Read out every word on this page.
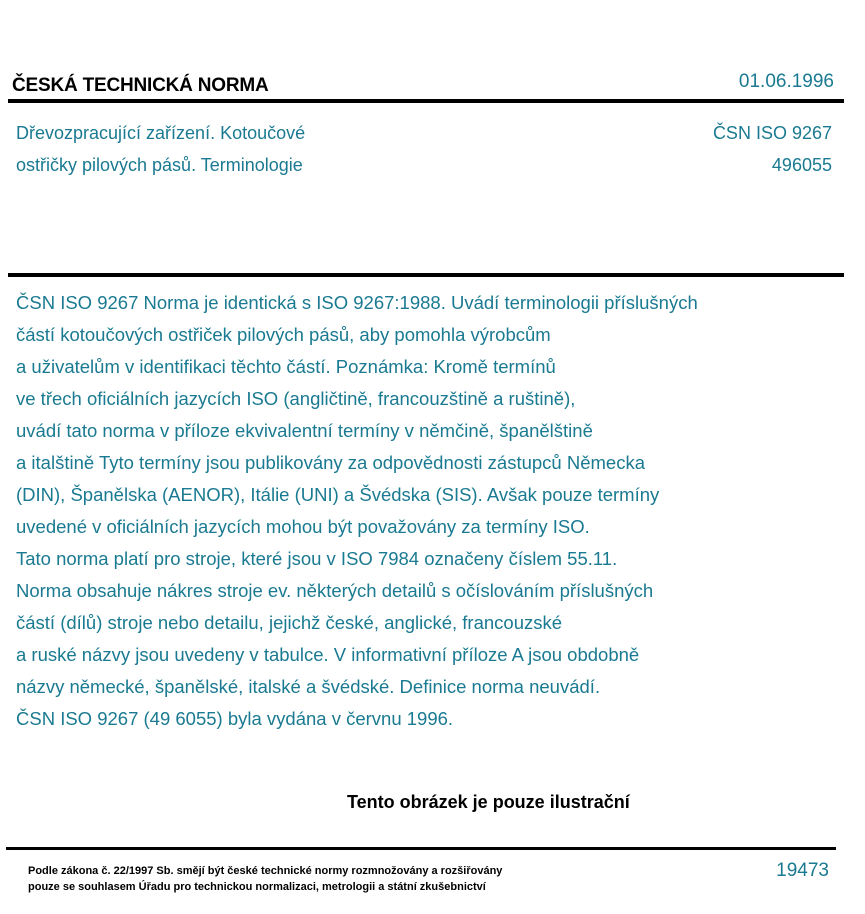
ČESKÁ TECHNICKÁ NORMA	01.06.1996
Dřevozpracující zařízení. Kotoučové
ostřičky pilových pásů. Terminologie
ČSN ISO 9267
496055
ČSN ISO 9267 Norma je identická s ISO 9267:1988. Uvádí terminologii příslušných
částí kotoučových ostřiček pilových pásů, aby pomohla výrobcům
a uživatelům v identifikaci těchto částí. Poznámka: Kromě termínů
ve třech oficiálních jazycích ISO (angličtině, francouzštině a ruštině),
uvádí tato norma v příloze ekvivalentní termíny v němčině, španělštině
a italštině Tyto termíny jsou publikovány za odpovědnosti zástupců Německa
(DIN), Španělska (AENOR), Itálie (UNI) a Švédska (SIS). Avšak pouze termíny
uvedené v oficiálních jazycích mohou být považovány za termíny ISO.
Tato norma platí pro stroje, které jsou v ISO 7984 označeny číslem 55.11.
Norma obsahuje nákres stroje ev. některých detailů s očíslováním příslušných
částí (dílů) stroje nebo detailu, jejichž české, anglické, francouzské
a ruské názvy jsou uvedeny v tabulce. V informativní příloze A jsou obdobně
názvy německé, španělské, italské a švédské. Definice norma neuvádí.
ČSN ISO 9267 (49 6055) byla vydána v červnu 1996.
Tento obrázek je pouze ilustrační
Podle zákona č. 22/1997 Sb. smějí být české technické normy rozmnožovány a rozšiřovány
pouze se souhlasem Úřadu pro technickou normalizaci, metrologii a státní zkušebnictví
19473
